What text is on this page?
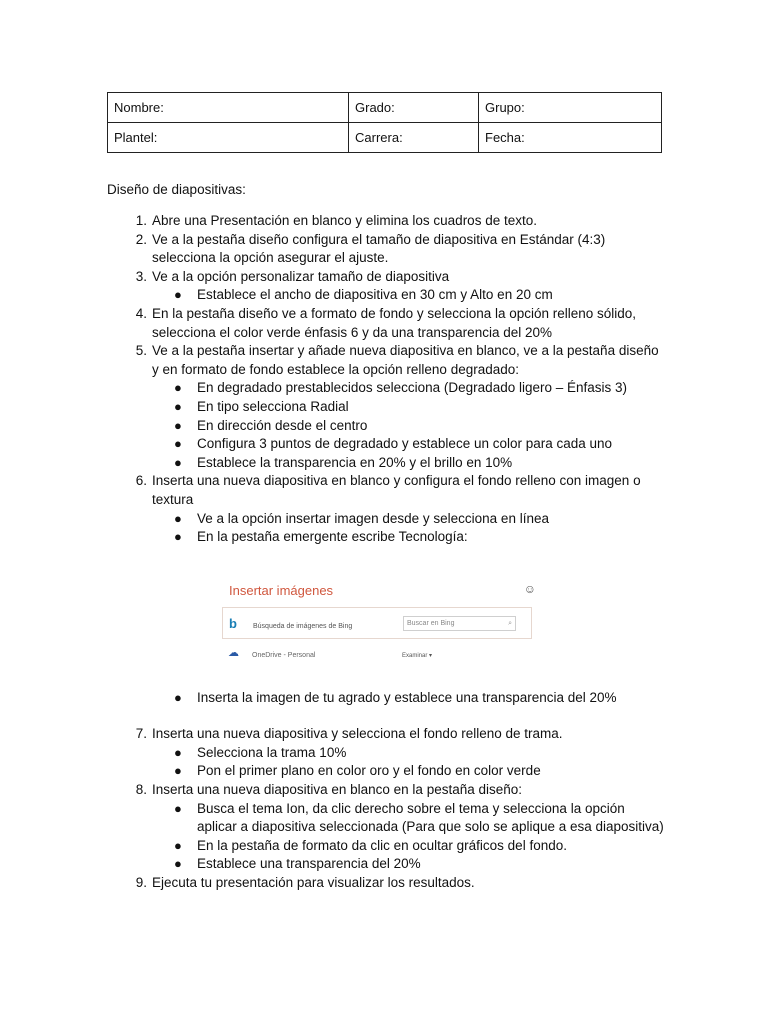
Nombre:	Grado:	Grupo:
Plantel:	Carrera:	Fecha:
Diseño de diapositivas:
1. Abre una Presentación en blanco y elimina los cuadros de texto.
2. Ve a la pestaña diseño configura el tamaño de diapositiva en Estándar (4:3) selecciona la opción asegurar el ajuste.
3. Ve a la opción personalizar tamaño de diapositiva
● Establece el ancho de diapositiva en 30 cm y Alto en 20 cm
4. En la pestaña diseño ve a formato de fondo y selecciona la opción relleno sólido, selecciona el color verde énfasis 6 y da una transparencia del 20%
5. Ve a la pestaña insertar y añade nueva diapositiva en blanco, ve a la pestaña diseño y en formato de fondo establece la opción relleno degradado:
● En degradado prestablecidos selecciona (Degradado ligero – Énfasis 3)
● En tipo selecciona Radial
● En dirección desde el centro
● Configura 3 puntos de degradado y establece un color para cada uno
● Establece la transparencia en 20% y el brillo en 10%
6. Inserta una nueva diapositiva en blanco y configura el fondo relleno con imagen o textura
● Ve a la opción insertar imagen desde y selecciona en línea
● En la pestaña emergente escribe Tecnología:
Insertar imágenes	☺
b Búsqueda de imágenes de Bing	Buscar en Bing	⌕
☁ OneDrive - Personal	Examinar ▾
● Inserta la imagen de tu agrado y establece una transparencia del 20%
7. Inserta una nueva diapositiva y selecciona el fondo relleno de trama.
● Selecciona la trama 10%
● Pon el primer plano en color oro y el fondo en color verde
8. Inserta una nueva diapositiva en blanco en la pestaña diseño:
● Busca el tema Ion, da clic derecho sobre el tema y selecciona la opción aplicar a diapositiva seleccionada (Para que solo se aplique a esa diapositiva)
● En la pestaña de formato da clic en ocultar gráficos del fondo.
● Establece una transparencia del 20%
9. Ejecuta tu presentación para visualizar los resultados.
